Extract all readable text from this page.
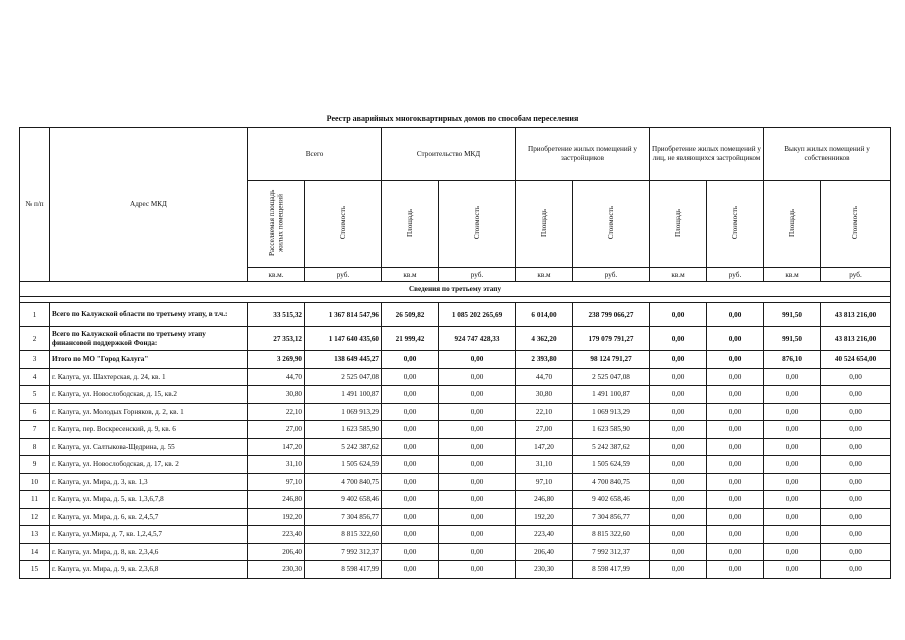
Реестр аварийных многоквартирных домов по способам переселения
№ п/п	Адрес МКД	Всего		Строительство МКД		Приобретение жилых помещений у застройщиков		Приобретение жилых помещений у лиц, не являющихся застройщиком		Выкуп жилых помещений у собственников	
		Расселяемая площадь жилых помещений	Стоимость	Площадь	Стоимость	Площадь	Стоимость	Площадь	Стоимость	Площадь	Стоимость
		кв.м.	руб.	кв.м	руб.	кв.м	руб.	кв.м	руб.	кв.м	руб.
Сведения по третьему этапу											

1	Всего по Калужской области по третьему этапу, в т.ч.:	33 515,32	1 367 814 547,96	26 509,82	1 085 202 265,69	6 014,00	238 799 066,27	0,00	0,00	991,50	43 813 216,00
2	Всего по Калужской области по третьему этапу финансовой поддержкой Фонда:	27 353,12	1 147 640 435,60	21 999,42	924 747 428,33	4 362,20	179 079 791,27	0,00	0,00	991,50	43 813 216,00
3	Итого по МО "Город Калуга"	3 269,90	138 649 445,27	0,00	0,00	2 393,80	98 124 791,27	0,00	0,00	876,10	40 524 654,00
4	г. Калуга, ул. Шахтерская, д. 24, кв. 1	44,70	2 525 047,08	0,00	0,00	44,70	2 525 047,08	0,00	0,00	0,00	0,00
5	г. Калуга, ул. Новослободская, д. 15, кв.2	30,80	1 491 100,87	0,00	0,00	30,80	1 491 100,87	0,00	0,00	0,00	0,00
6	г. Калуга, ул. Молодых Горняков, д. 2, кв. 1	22,10	1 069 913,29	0,00	0,00	22,10	1 069 913,29	0,00	0,00	0,00	0,00
7	г. Калуга, пер. Воскресенский, д. 9, кв. 6	27,00	1 623 585,90	0,00	0,00	27,00	1 623 585,90	0,00	0,00	0,00	0,00
8	г. Калуга, ул. Салтыкова-Щедрина, д. 55	147,20	5 242 387,62	0,00	0,00	147,20	5 242 387,62	0,00	0,00	0,00	0,00
9	г. Калуга, ул. Новослободская, д. 17, кв. 2	31,10	1 505 624,59	0,00	0,00	31,10	1 505 624,59	0,00	0,00	0,00	0,00
10	г. Калуга, ул. Мира, д. 3, кв. 1,3	97,10	4 700 840,75	0,00	0,00	97,10	4 700 840,75	0,00	0,00	0,00	0,00
11	г. Калуга, ул. Мира, д. 5, кв. 1,3,6,7,8	246,80	9 402 658,46	0,00	0,00	246,80	9 402 658,46	0,00	0,00	0,00	0,00
12	г. Калуга, ул. Мира, д. 6, кв. 2,4,5,7	192,20	7 304 856,77	0,00	0,00	192,20	7 304 856,77	0,00	0,00	0,00	0,00
13	г. Калуга, ул.Мира, д. 7, кв. 1,2,4,5,7	223,40	8 815 322,60	0,00	0,00	223,40	8 815 322,60	0,00	0,00	0,00	0,00
14	г. Калуга, ул. Мира, д. 8, кв. 2,3,4,6	206,40	7 992 312,37	0,00	0,00	206,40	7 992 312,37	0,00	0,00	0,00	0,00
15	г. Калуга, ул. Мира, д. 9, кв. 2,3,6,8	230,30	8 598 417,99	0,00	0,00	230,30	8 598 417,99	0,00	0,00	0,00	0,00
